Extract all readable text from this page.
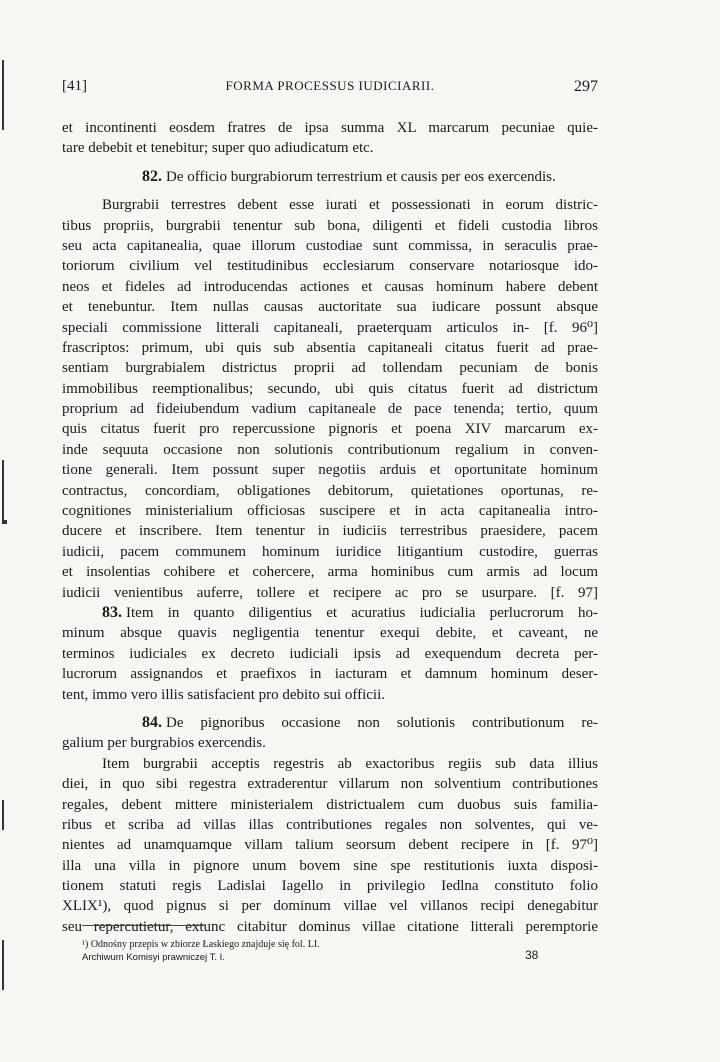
[41]	FORMA PROCESSUS IUDICIARII.	297
et incontinenti eosdem fratres de ipsa summa XL marcarum pecuniae quie-
tare debebit et tenebitur; super quo adiudicatum etc.
82. De officio burgrabiorum terrestrium et causis per eos exercendis.
Burgrabii terrestres debent esse iurati et possessionati in eorum distric-
tibus propriis, burgrabii tenentur sub bona, diligenti et fideli custodia libros
seu acta capitanealia, quae illorum custodiae sunt commissa, in seraculis prae-
toriorum civilium vel testitudinibus ecclesiarum conservare notariosque ido-
neos et fideles ad introducendas actiones et causas hominum habere debent
et tenebuntur. Item nullas causas auctoritate sua iudicare possunt absque
speciali commissione litterali capitaneali, praeterquam articulos in- [f. 96⁰]
frascriptos: primum, ubi quis sub absentia capitaneali citatus fuerit ad prae-
sentiam burgrabialem districtus proprii ad tollendam pecuniam de bonis
immobilibus reemptionalibus; secundo, ubi quis citatus fuerit ad districtum
proprium ad fideiubendum vadium capitaneale de pace tenenda; tertio, quum
quis citatus fuerit pro repercussione pignoris et poena XIV marcarum ex-
inde sequuta occasione non solutionis contributionum regalium in conven-
tione generali. Item possunt super negotiis arduis et oportunitate hominum
contractus, concordiam, obligationes debitorum, quietationes oportunas, re-
cognitiones ministerialium officiosas suscipere et in acta capitanealia intro-
ducere et inscribere. Item tenentur in iudiciis terrestribus praesidere, pacem
iudicii, pacem communem hominum iuridice litigantium custodire, guerras
et insolentias cohibere et cohercere, arma hominibus cum armis ad locum
iudicii venientibus auferre, tollere et recipere ac pro se usurpare. [f. 97]
83. Item in quanto diligentius et acuratius iudicialia perlucrorum ho-
minum absque quavis negligentia tenentur exequi debite, et caveant, ne
terminos iudiciales ex decreto iudiciali ipsis ad exequendum decreta per-
lucrorum assignandos et praefixos in iacturam et damnum hominum deser-
tent, immo vero illis satisfacient pro debito sui officii.
84. De pignoribus occasione non solutionis contributionum re-
galium per burgrabios exercendis.
Item burgrabii acceptis regestris ab exactoribus regiis sub data illius
diei, in quo sibi regestra extraderentur villarum non solventium contributiones
regales, debent mittere ministerialem districtualem cum duobus suis familia-
ribus et scriba ad villas illas contributiones regales non solventes, qui ve-
nientes ad unamquamque villam talium seorsum debent recipere in [f. 97⁰]
illa una villa in pignore unum bovem sine spe restitutionis iuxta disposi-
tionem statuti regis Ladislai Iagello in privilegio Iedlna constituto folio
XLIX¹), quod pignus si per dominum villae vel villanos recipi denegabitur
seu repercutietur, extunc citabitur dominus villae citatione litterali peremptorie
¹) Odnośny przepis w zbiorze Łaskiego znajduje się fol. LI.
Archiwum Komisyi prawniczej T. I.	38
